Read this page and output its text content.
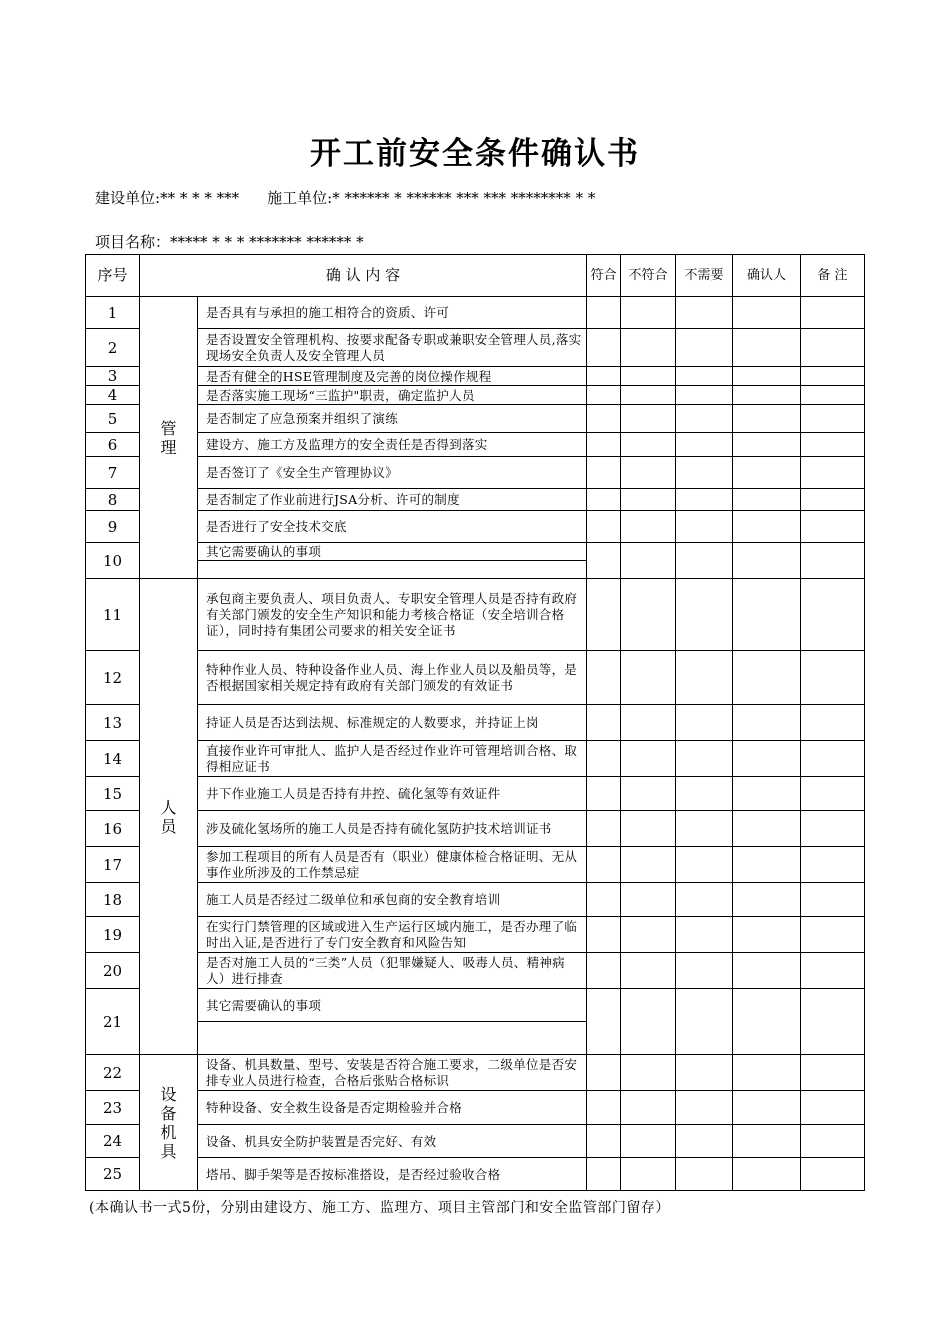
开工前安全条件确认书
建设单位:** * * * *** 施工单位:* ****** * ****** *** *** ******** * *
项目名称：***** * * * ******* ****** *
序号	确 认 内 容		符合	不符合	不需要	确认人	备 注
1	管理	是否具有与承担的施工相符合的资质、许可					
2		是否设置安全管理机构、按要求配备专职或兼职安全管理人员,落实现场安全负责人及安全管理人员					
3		是否有健全的HSE管理制度及完善的岗位操作规程					
4		是否落实施工现场“三监护"职责，确定监护人员					
5		是否制定了应急预案并组织了演练					
6		建设方、施工方及监理方的安全责任是否得到落实					
7		是否签订了《安全生产管理协议》					
8		是否制定了作业前进行JSA分析、许可的制度					
9		是否进行了安全技术交底					
10		其它需要确认的事项					

11	人员	承包商主要负责人、项目负责人、专职安全管理人员是否持有政府有关部门颁发的安全生产知识和能力考核合格证（安全培训合格证），同时持有集团公司要求的相关安全证书					
12		特种作业人员、特种设备作业人员、海上作业人员以及船员等，是否根据国家相关规定持有政府有关部门颁发的有效证书					
13		持证人员是否达到法规、标准规定的人数要求，并持证上岗					
14		直接作业许可审批人、监护人是否经过作业许可管理培训合格、取得相应证书					
15		井下作业施工人员是否持有井控、硫化氢等有效证件					
16		涉及硫化氢场所的施工人员是否持有硫化氢防护技术培训证书					
17		参加工程项目的所有人员是否有（职业）健康体检合格证明、无从事作业所涉及的工作禁忌症					
18		施工人员是否经过二级单位和承包商的安全教育培训					
19		在实行门禁管理的区域或进入生产运行区域内施工，是否办理了临时出入证,是否进行了专门安全教育和风险告知					
20		是否对施工人员的“三类”人员（犯罪嫌疑人、吸毒人员、精神病人）进行排查					
21		其它需要确认的事项					

22	设备机具	设备、机具数量、型号、安装是否符合施工要求，二级单位是否安排专业人员进行检查，合格后张贴合格标识					
23		特种设备、安全救生设备是否定期检验并合格					
24		设备、机具安全防护装置是否完好、有效					
25		塔吊、脚手架等是否按标准搭设，是否经过验收合格					
(本确认书一式5份，分别由建设方、施工方、监理方、项目主管部门和安全监管部门留存）
